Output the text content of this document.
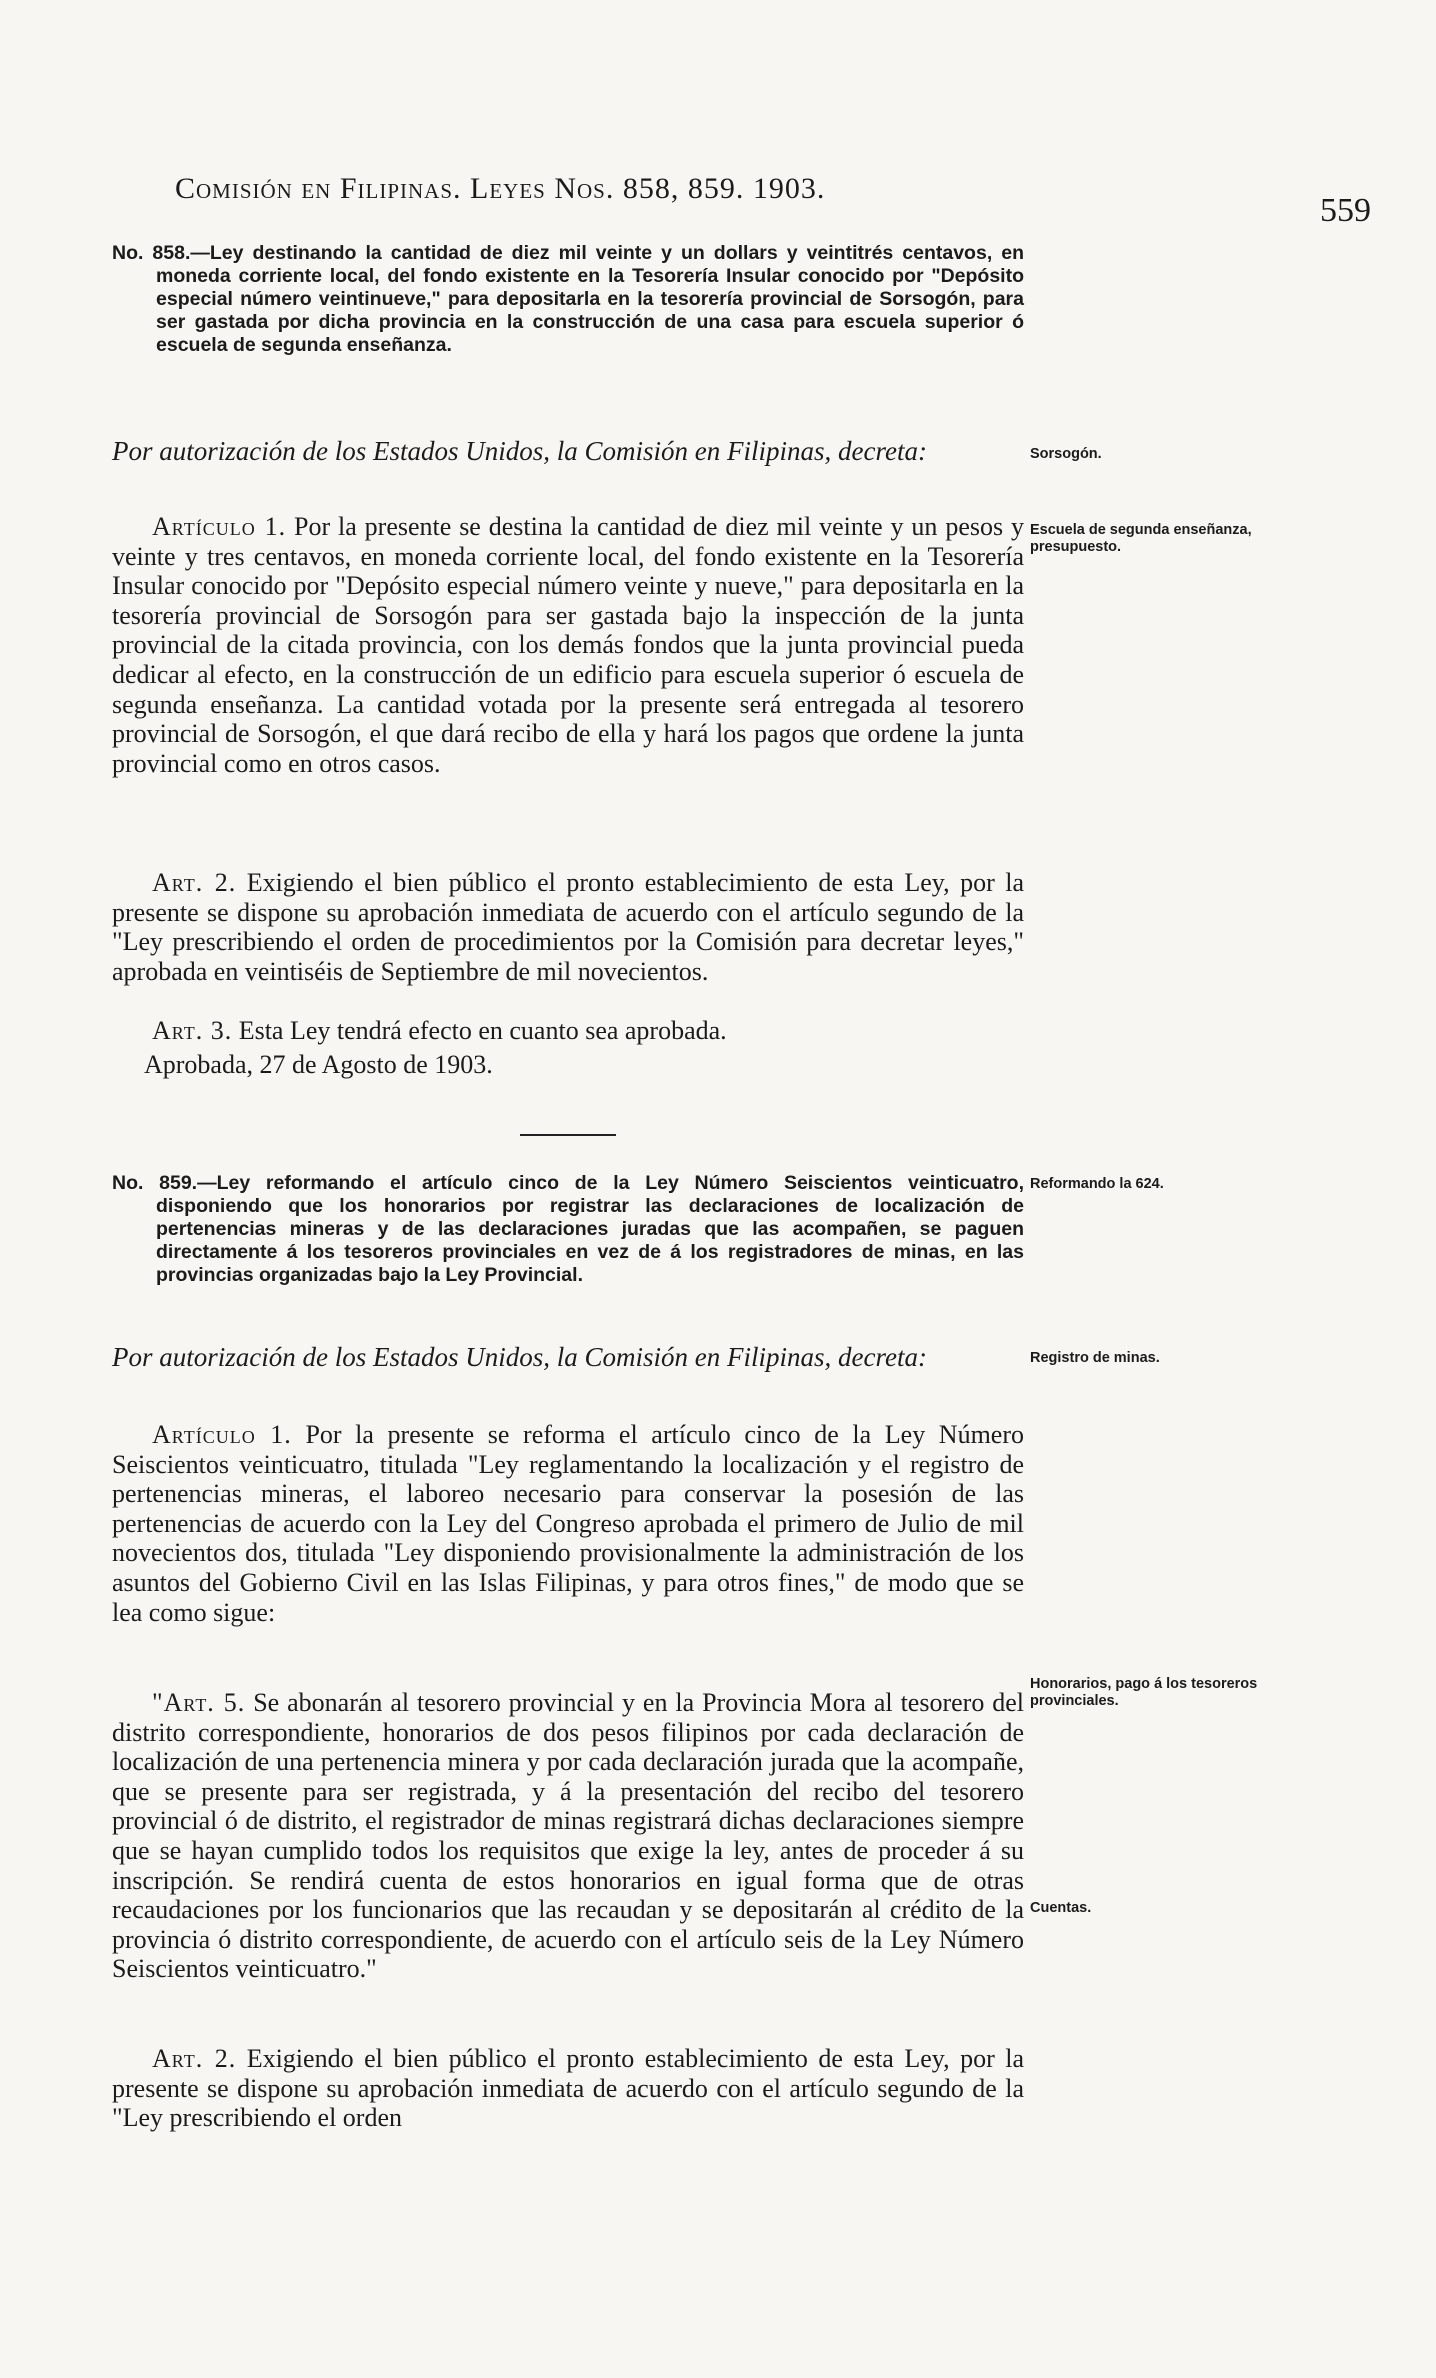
Comisión en Filipinas. Leyes Nos. 858, 859. 1903.
559

No. 858.—Ley destinando la cantidad de diez mil veinte y un dollars y veintitrés centavos, en moneda corriente local, del fondo existente en la Tesorería Insular conocido por "Depósito especial número veintinueve," para depositarla en la tesorería provincial de Sorsogón, para ser gastada por dicha provincia en la construcción de una casa para escuela superior ó escuela de segunda enseñanza.

Por autorización de los Estados Unidos, la Comisión en Filipinas, decreta:

Artículo 1. Por la presente se destina la cantidad de diez mil veinte y un pesos y veinte y tres centavos, en moneda corriente local, del fondo existente en la Tesorería Insular conocido por "Depósito especial número veinte y nueve," para depositarla en la tesorería provincial de Sorsogón para ser gastada bajo la inspección de la junta provincial de la citada provincia, con los demás fondos que la junta provincial pueda dedicar al efecto, en la construcción de un edificio para escuela superior ó escuela de segunda enseñanza. La cantidad votada por la presente será entregada al tesorero provincial de Sorsogón, el que dará recibo de ella y hará los pagos que ordene la junta provincial como en otros casos.

Art. 2. Exigiendo el bien público el pronto establecimiento de esta Ley, por la presente se dispone su aprobación inmediata de acuerdo con el artículo segundo de la "Ley prescribiendo el orden de procedimientos por la Comisión para decretar leyes," aprobada en veintiséis de Septiembre de mil novecientos.

Art. 3. Esta Ley tendrá efecto en cuanto sea aprobada.

Aprobada, 27 de Agosto de 1903.

No. 859.—Ley reformando el artículo cinco de la Ley Número Seiscientos veinticuatro, disponiendo que los honorarios por registrar las declaraciones de localización de pertenencias mineras y de las declaraciones juradas que las acompañen, se paguen directamente á los tesoreros provinciales en vez de á los registradores de minas, en las provincias organizadas bajo la Ley Provincial.

Por autorización de los Estados Unidos, la Comisión en Filipinas, decreta:

Artículo 1. Por la presente se reforma el artículo cinco de la Ley Número Seiscientos veinticuatro, titulada "Ley reglamentando la localización y el registro de pertenencias mineras, el laboreo necesario para conservar la posesión de las pertenencias de acuerdo con la Ley del Congreso aprobada el primero de Julio de mil novecientos dos, titulada "Ley disponiendo provisionalmente la administración de los asuntos del Gobierno Civil en las Islas Filipinas, y para otros fines," de modo que se lea como sigue:

"Art. 5. Se abonarán al tesorero provincial y en la Provincia Mora al tesorero del distrito correspondiente, honorarios de dos pesos filipinos por cada declaración de localización de una pertenencia minera y por cada declaración jurada que la acompañe, que se presente para ser registrada, y á la presentación del recibo del tesorero provincial ó de distrito, el registrador de minas registrará dichas declaraciones siempre que se hayan cumplido todos los requisitos que exige la ley, antes de proceder á su inscripción. Se rendirá cuenta de estos honorarios en igual forma que de otras recaudaciones por los funcionarios que las recaudan y se depositarán al crédito de la provincia ó distrito correspondiente, de acuerdo con el artículo seis de la Ley Número Seiscientos veinticuatro."

Art. 2. Exigiendo el bien público el pronto establecimiento de esta Ley, por la presente se dispone su aprobación inmediata de acuerdo con el artículo segundo de la "Ley prescribiendo el orden

Sorsogón.

Escuela de segunda enseñanza, presupuesto.

Reformando la 624.

Registro de minas.

Honorarios, pago á los tesoreros provinciales.

Cuentas.
